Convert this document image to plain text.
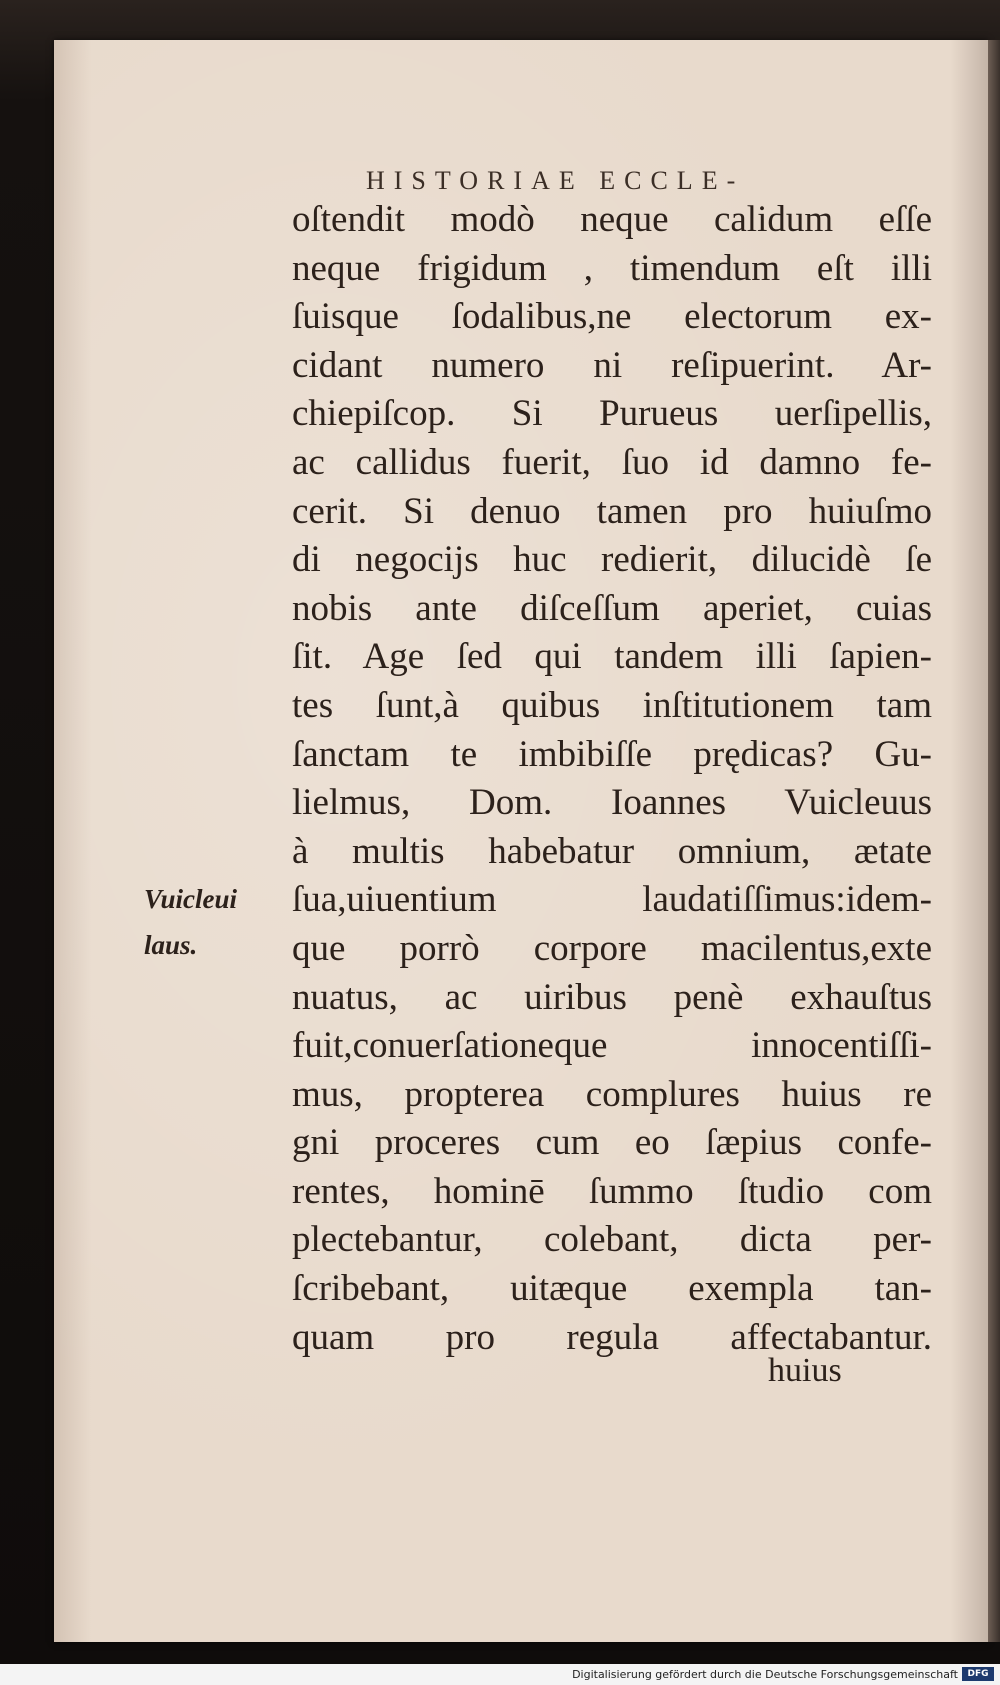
HISTORIAE ECCLE-
oſtendit modò neque calidum eſſe
neque frigidum , timendum eſt illi
ſuisque ſodalibus,ne electorum ex-
cidant numero ni reſipuerint. Ar-
chiepiſcop. Si Purueus uerſipellis,
ac callidus fuerit, ſuo id damno fe-
cerit. Si denuo tamen pro huiuſmo
di negocijs huc redierit, dilucidè ſe
nobis ante diſceſſum aperiet, cuias
ſit. Age ſed qui tandem illi ſapien-
tes ſunt,à quibus inſtitutionem tam
ſanctam te imbibiſſe prędicas? Gu-
lielmus, Dom. Ioannes Vuicleuus
à multis habebatur omnium, ætate
ſua,uiuentium laudatiſſimus:idem-
que porrò corpore macilentus,exte
nuatus, ac uiribus penè exhauſtus
fuit,conuerſationeque innocentiſſi-
mus, propterea complures huius re
gni proceres cum eo ſæpius confe-
rentes, hominē ſummo ſtudio com
plectebantur, colebant, dicta per-
ſcribebant, uitæque exempla tan-
quam pro regula affectabantur.
Vuicleui
laus.
huius
Digitalisierung gefördert durch die Deutsche Forschungsgemeinschaft	DFG
